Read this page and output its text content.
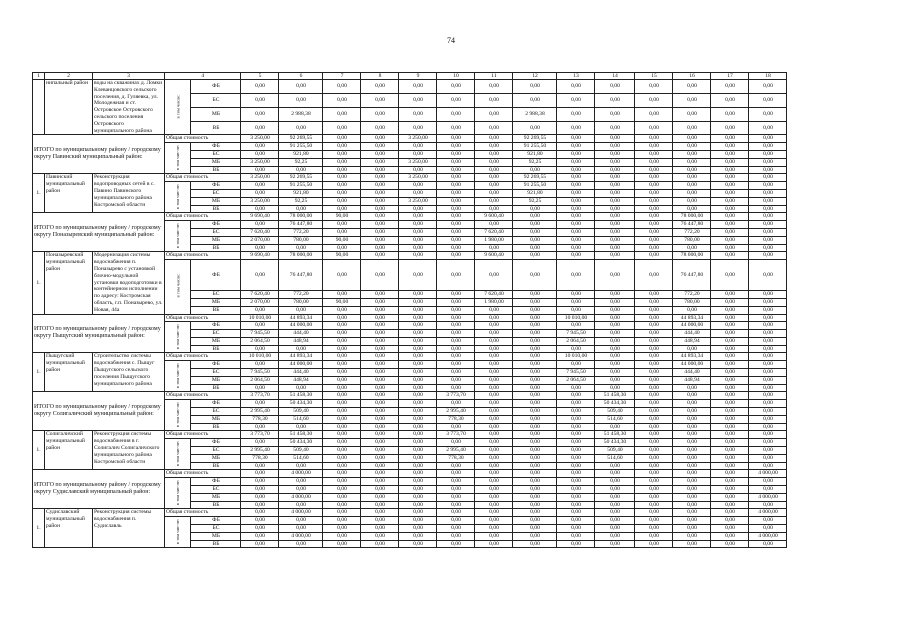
74
1	2	3	4		5	6	7	8	9	10	11	12	13	14	15	16	17	18
	нипальный район	воды на скважинах д. Ломки Клеванцовского сельского поселения, д. Гуляевка, ул. Молодежная и ст. Островское Островского сельского поселения Островского муниципального района	в том числе:	ФБ	0,00	0,00	0,00	0,00	0,00	0,00	0,00	0,00	0,00	0,00	0,00	0,00	0,00	0,00
				БС	0,00	0,00	0,00	0,00	0,00	0,00	0,00	0,00	0,00	0,00	0,00	0,00	0,00	0,00
				МБ	0,00	2 988,38	0,00	0,00	0,00	0,00	0,00	2 988,38	0,00	0,00	0,00	0,00	0,00	0,00
				ВБ	0,00	0,00	0,00	0,00	0,00	0,00	0,00	0,00	0,00	0,00	0,00	0,00	0,00	0,00
ИТОГО по муниципальному району / городскому округу Павинский муниципальный район:			Общая стоимость		3 250,00	92 269,55	0,00	0,00	3 250,00	0,00	0,00	92 269,55	0,00	0,00	0,00	0,00	0,00	0,00
			в том чис-ле:	ФБ	0,00	91 255,50	0,00	0,00	0,00	0,00	0,00	91 255,50	0,00	0,00	0,00	0,00	0,00	0,00
				БС	0,00	921,80	0,00	0,00	0,00	0,00	0,00	921,80	0,00	0,00	0,00	0,00	0,00	0,00
				МБ	3 250,00	92,25	0,00	0,00	3 250,00	0,00	0,00	92,25	0,00	0,00	0,00	0,00	0,00	0,00
				ВБ	0,00	0,00	0,00	0,00	0,00	0,00	0,00	0,00	0,00	0,00	0,00	0,00	0,00	0,00
1.	Павинский муниципальный район	Реконструкция водопроводных сетей в с. Павино Павинского муниципального района Костромской области	Общая стоимость		3 250,00	92 269,55	0,00	0,00	3 250,00	0,00	0,00	92 269,55	0,00	0,00	0,00	0,00	0,00	0,00
			в том чис-ле:	ФБ	0,00	91 255,50	0,00	0,00	0,00	0,00	0,00	91 255,50	0,00	0,00	0,00	0,00	0,00	0,00
				БС	0,00	921,80	0,00	0,00	0,00	0,00	0,00	921,80	0,00	0,00	0,00	0,00	0,00	0,00
				МБ	3 250,00	92,25	0,00	0,00	3 250,00	0,00	0,00	92,25	0,00	0,00	0,00	0,00	0,00	0,00
				ВБ	0,00	0,00	0,00	0,00	0,00	0,00	0,00	0,00	0,00	0,00	0,00	0,00	0,00	0,00
ИТОГО по муниципальному району / городскому округу Поназыревский муниципальный район:			Общая стоимость		9 690,40	78 000,00	90,00	0,00	0,00	0,00	9 600,40	0,00	0,00	0,00	0,00	78 000,00	0,00	0,00
			в том чис-ле:	ФБ	0,00	76 447,80	0,00	0,00	0,00	0,00	0,00	0,00	0,00	0,00	0,00	76 447,80	0,00	0,00
				БС	7 620,40	772,20	0,00	0,00	0,00	0,00	7 620,40	0,00	0,00	0,00	0,00	772,20	0,00	0,00
				МБ	2 070,00	780,00	90,00	0,00	0,00	0,00	1 980,00	0,00	0,00	0,00	0,00	780,00	0,00	0,00
				ВБ	0,00	0,00	0,00	0,00	0,00	0,00	0,00	0,00	0,00	0,00	0,00	0,00	0,00	0,00
1.	Поназыревский муниципальный район	Модернизация системы водоснабжения п. Поназырево с установкой блочно-модульной установки водоподготовки в контейнерном исполнении по адресу: Костромская область, г.п. Поназырево, ул. Новая, 44а	Общая стоимость		9 690,40	78 000,00	90,00	0,00	0,00	0,00	9 600,40	0,00	0,00	0,00	0,00	78 000,00	0,00	0,00
			в том числе:	ФБ	0,00	76 447,80	0,00	0,00	0,00	0,00	0,00	0,00	0,00	0,00	0,00	76 447,80	0,00	0,00
				БС	7 620,40	772,20	0,00	0,00	0,00	0,00	7 620,40	0,00	0,00	0,00	0,00	772,20	0,00	0,00
				МБ	2 070,00	780,00	90,00	0,00	0,00	0,00	1 980,00	0,00	0,00	0,00	0,00	780,00	0,00	0,00
				ВБ	0,00	0,00	0,00	0,00	0,00	0,00	0,00	0,00	0,00	0,00	0,00	0,00	0,00	0,00
ИТОГО по муниципальному району / городскому округу Пыщугский муниципальный район:			Общая стоимость		10 010,00	44 893,34	0,00	0,00	0,00	0,00	0,00	0,00	10 010,00	0,00	0,00	44 893,34	0,00	0,00
			в том чис-ле:	ФБ	0,00	44 000,00	0,00	0,00	0,00	0,00	0,00	0,00	0,00	0,00	0,00	44 000,00	0,00	0,00
				БС	7 945,50	444,40	0,00	0,00	0,00	0,00	0,00	0,00	7 945,50	0,00	0,00	444,40	0,00	0,00
				МБ	2 064,50	448,94	0,00	0,00	0,00	0,00	0,00	0,00	2 064,50	0,00	0,00	448,94	0,00	0,00
				ВБ	0,00	0,00	0,00	0,00	0,00	0,00	0,00	0,00	0,00	0,00	0,00	0,00	0,00	0,00
1.	Пыщугский муниципальный район	Строительство системы водоснабжения с. Пыщуг Пыщугского сельского поселения Пыщугского муниципального района	Общая стоимость		10 010,00	44 893,34	0,00	0,00	0,00	0,00	0,00	0,00	10 010,00	0,00	0,00	44 893,34	0,00	0,00
			в том чис-ле:	ФБ	0,00	44 000,00	0,00	0,00	0,00	0,00	0,00	0,00	0,00	0,00	0,00	44 000,00	0,00	0,00
				БС	7 945,50	444,40	0,00	0,00	0,00	0,00	0,00	0,00	7 945,50	0,00	0,00	444,40	0,00	0,00
				МБ	2 064,50	448,94	0,00	0,00	0,00	0,00	0,00	0,00	2 064,50	0,00	0,00	448,94	0,00	0,00
				ВБ	0,00	0,00	0,00	0,00	0,00	0,00	0,00	0,00	0,00	0,00	0,00	0,00	0,00	0,00
ИТОГО по муниципальному району / городскому округу Солигаличский муниципальный район:			Общая стоимость		3 773,70	51 458,30	0,00	0,00	0,00	3 773,70	0,00	0,00	0,00	51 458,30	0,00	0,00	0,00	0,00
			в том чис-ле:	ФБ	0,00	50 434,30	0,00	0,00	0,00	0,00	0,00	0,00	0,00	50 434,30	0,00	0,00	0,00	0,00
				БС	2 995,40	509,40	0,00	0,00	0,00	2 995,40	0,00	0,00	0,00	509,40	0,00	0,00	0,00	0,00
				МБ	778,30	514,60	0,00	0,00	0,00	778,30	0,00	0,00	0,00	514,60	0,00	0,00	0,00	0,00
				ВБ	0,00	0,00	0,00	0,00	0,00	0,00	0,00	0,00	0,00	0,00	0,00	0,00	0,00	0,00
1.	Солигаличский муниципальный район	Реконструкция системы водоснабжения в г. Солигалич Солигаличского муниципального района Костромской области	Общая стоимость		3 773,70	51 458,30	0,00	0,00	0,00	3 773,70	0,00	0,00	0,00	51 458,30	0,00	0,00	0,00	0,00
			в том чис-ле:	ФБ	0,00	50 434,30	0,00	0,00	0,00	0,00	0,00	0,00	0,00	50 434,30	0,00	0,00	0,00	0,00
				БС	2 995,40	509,40	0,00	0,00	0,00	2 995,40	0,00	0,00	0,00	509,40	0,00	0,00	0,00	0,00
				МБ	778,30	514,60	0,00	0,00	0,00	778,30	0,00	0,00	0,00	514,60	0,00	0,00	0,00	0,00
				ВБ	0,00	0,00	0,00	0,00	0,00	0,00	0,00	0,00	0,00	0,00	0,00	0,00	0,00	0,00
ИТОГО по муниципальному району / городскому округу Судиславский муниципальный район:			Общая стоимость		0,00	4 000,00	0,00	0,00	0,00	0,00	0,00	0,00	0,00	0,00	0,00	0,00	0,00	4 000,00
			в том чис-ле:	ФБ	0,00	0,00	0,00	0,00	0,00	0,00	0,00	0,00	0,00	0,00	0,00	0,00	0,00	0,00
				БС	0,00	0,00	0,00	0,00	0,00	0,00	0,00	0,00	0,00	0,00	0,00	0,00	0,00	0,00
				МБ	0,00	4 000,00	0,00	0,00	0,00	0,00	0,00	0,00	0,00	0,00	0,00	0,00	0,00	4 000,00
				ВБ	0,00	0,00	0,00	0,00	0,00	0,00	0,00	0,00	0,00	0,00	0,00	0,00	0,00	0,00
1.	Судиславский муниципальный район	Реконструкция системы водоснабжения п. Судиславль	Общая стоимость		0,00	4 000,00	0,00	0,00	0,00	0,00	0,00	0,00	0,00	0,00	0,00	0,00	0,00	4 000,00
			в том чис-ле:	ФБ	0,00	0,00	0,00	0,00	0,00	0,00	0,00	0,00	0,00	0,00	0,00	0,00	0,00	0,00
				БС	0,00	0,00	0,00	0,00	0,00	0,00	0,00	0,00	0,00	0,00	0,00	0,00	0,00	0,00
				МБ	0,00	4 000,00	0,00	0,00	0,00	0,00	0,00	0,00	0,00	0,00	0,00	0,00	0,00	4 000,00
				ВБ	0,00	0,00	0,00	0,00	0,00	0,00	0,00	0,00	0,00	0,00	0,00	0,00	0,00	0,00
